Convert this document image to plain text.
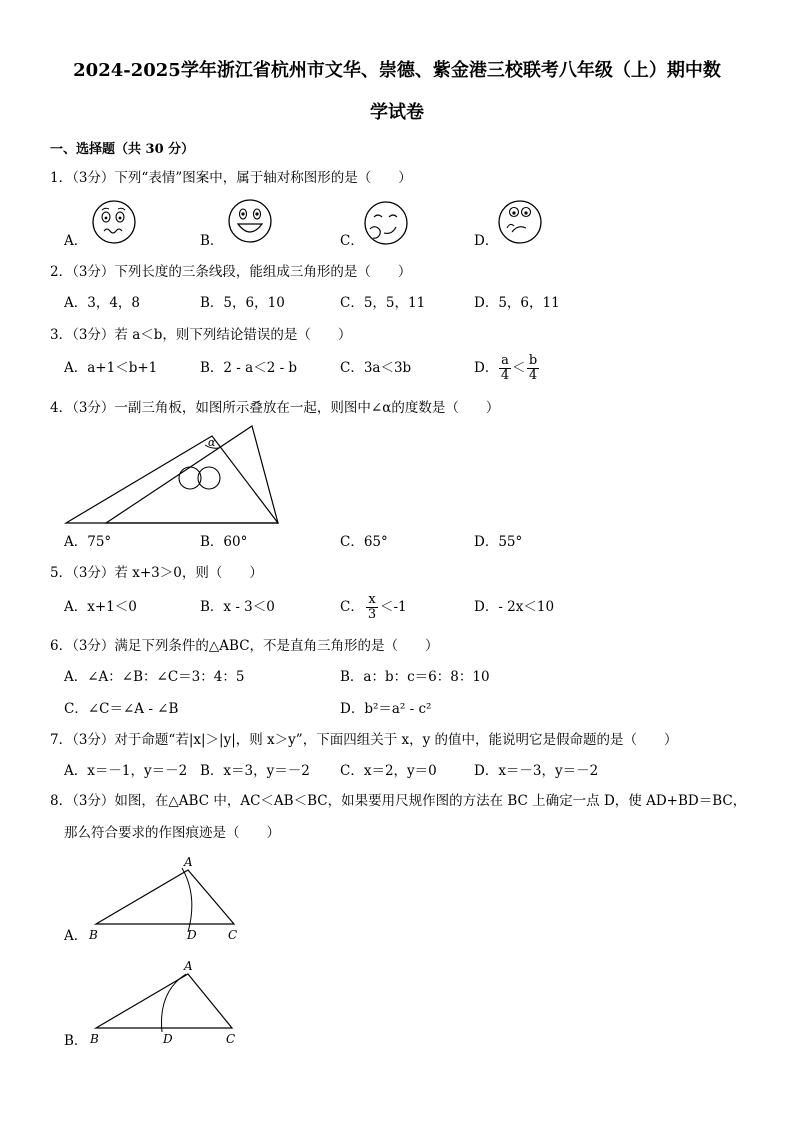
2024-2025学年浙江省杭州市文华、崇德、紫金港三校联考八年级（上）期中数
学试卷
一、选择题（共 30 分）
1．（3分）下列“表情”图案中，属于轴对称图形的是（　　）
A．	B．	C．	D．
2．（3分）下列长度的三条线段，能组成三角形的是（　　）
A．3，4，8	B．5，6，10	C．5，5，11	D．5，6，11
3．（3分）若 a＜b，则下列结论错误的是（　　）
A．a+1＜b+1	B．2 - a＜2 - b	C．3a＜3b	D． $\frac{a}{4} < \frac{b}{4}$
4．（3分）一副三角板，如图所示叠放在一起，则图中∠α的度数是（　　）
α
A．75°	B．60°	C．65°	D．55°
5．（3分）若 x+3＞0，则（　　）
A．x+1＜0	B．x - 3＜0	C． $\frac{x}{3} <-1$	D．- 2x＜10
6．（3分）满足下列条件的△ABC，不是直角三角形的是（　　）
A．∠A：∠B：∠C＝3：4：5	B．a：b：c＝6：8：10
C．∠C＝∠A - ∠B	D．b²＝a² - c²
7．（3分）对于命题“若|x|＞|y|，则 x＞y”，下面四组关于 x，y 的值中，能说明它是假命题的是（　　）
A．x＝－1，y＝－2 B．x＝3，y＝－2 C．x＝2，y＝0	D．x＝－3，y＝－2
8．（3分）如图，在△ABC 中，AC＜AB＜BC，如果要用尺规作图的方法在 BC 上确定一点 D，使 AD+BD＝BC，
那么符合要求的作图痕迹是（　　）
A．
A
B	D	C
B．
A
B	D	C
